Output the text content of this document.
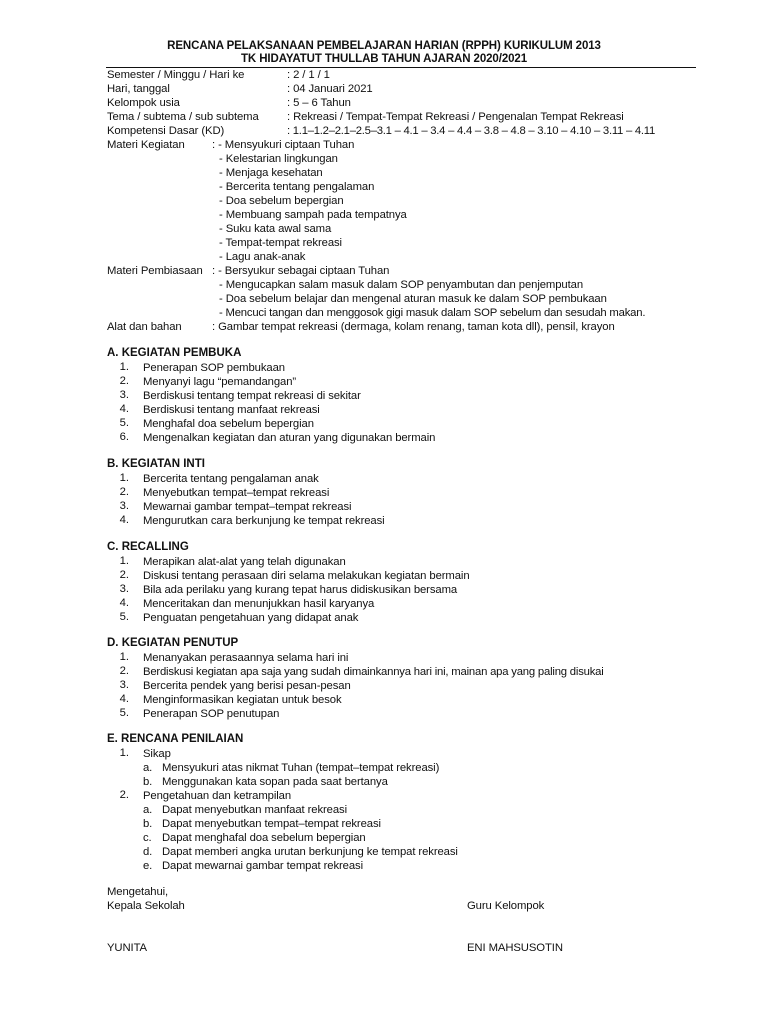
RENCANA PELAKSANAAN PEMBELAJARAN HARIAN (RPPH) KURIKULUM 2013
TK HIDAYATUT THULLAB TAHUN AJARAN 2020/2021
Semester / Minggu / Hari ke	: 2 / 1 / 1
Hari, tanggal	: 04 Januari 2021
Kelompok usia	: 5 – 6 Tahun
Tema / subtema / sub subtema	: Rekreasi / Tempat-Tempat Rekreasi / Pengenalan Tempat Rekreasi
Kompetensi Dasar (KD)	: 1.1–1.2–2.1–2.5–3.1 – 4.1 – 3.4 – 4.4 – 3.8 – 4.8 – 3.10 – 4.10 – 3.11 – 4.11
Materi Kegiatan : - Mensyukuri ciptaan Tuhan
- Kelestarian lingkungan
- Menjaga kesehatan
- Bercerita tentang pengalaman
- Doa sebelum bepergian
- Membuang sampah pada tempatnya
- Suku kata awal sama
- Tempat-tempat rekreasi
- Lagu anak-anak
Materi Pembiasaan : - Bersyukur sebagai ciptaan Tuhan
- Mengucapkan salam masuk dalam SOP penyambutan dan penjemputan
- Doa sebelum belajar dan mengenal aturan masuk ke dalam SOP pembukaan
- Mencuci tangan dan menggosok gigi masuk dalam SOP sebelum dan sesudah makan.
Alat dan bahan	: Gambar tempat rekreasi (dermaga, kolam renang, taman kota dll), pensil, krayon
A. KEGIATAN PEMBUKA
1. Penerapan SOP pembukaan
2. Menyanyi lagu “pemandangan”
3. Berdiskusi tentang tempat rekreasi di sekitar
4. Berdiskusi tentang manfaat rekreasi
5. Menghafal doa sebelum bepergian
6. Mengenalkan kegiatan dan aturan yang digunakan bermain
B. KEGIATAN INTI
1. Bercerita tentang pengalaman anak
2. Menyebutkan tempat–tempat rekreasi
3. Mewarnai gambar tempat–tempat rekreasi
4. Mengurutkan cara berkunjung ke tempat rekreasi
C. RECALLING
1. Merapikan alat-alat yang telah digunakan
2. Diskusi tentang perasaan diri selama melakukan kegiatan bermain
3. Bila ada perilaku yang kurang tepat harus didiskusikan bersama
4. Menceritakan dan menunjukkan hasil karyanya
5. Penguatan pengetahuan yang didapat anak
D. KEGIATAN PENUTUP
1. Menanyakan perasaannya selama hari ini
2. Berdiskusi kegiatan apa saja yang sudah dimainkannya hari ini, mainan apa yang paling disukai
3. Bercerita pendek yang berisi pesan-pesan
4. Menginformasikan kegiatan untuk besok
5. Penerapan SOP penutupan
E. RENCANA PENILAIAN
1. Sikap
a. Mensyukuri atas nikmat Tuhan (tempat–tempat rekreasi)
b. Menggunakan kata sopan pada saat bertanya
2. Pengetahuan dan ketrampilan
a. Dapat menyebutkan manfaat rekreasi
b. Dapat menyebutkan tempat–tempat rekreasi
c. Dapat menghafal doa sebelum bepergian
d. Dapat memberi angka urutan berkunjung ke tempat rekreasi
e. Dapat mewarnai gambar tempat rekreasi
Mengetahui,
Kepala Sekolah	Guru Kelompok
YUNITA	ENI MAHSUSOTIN
